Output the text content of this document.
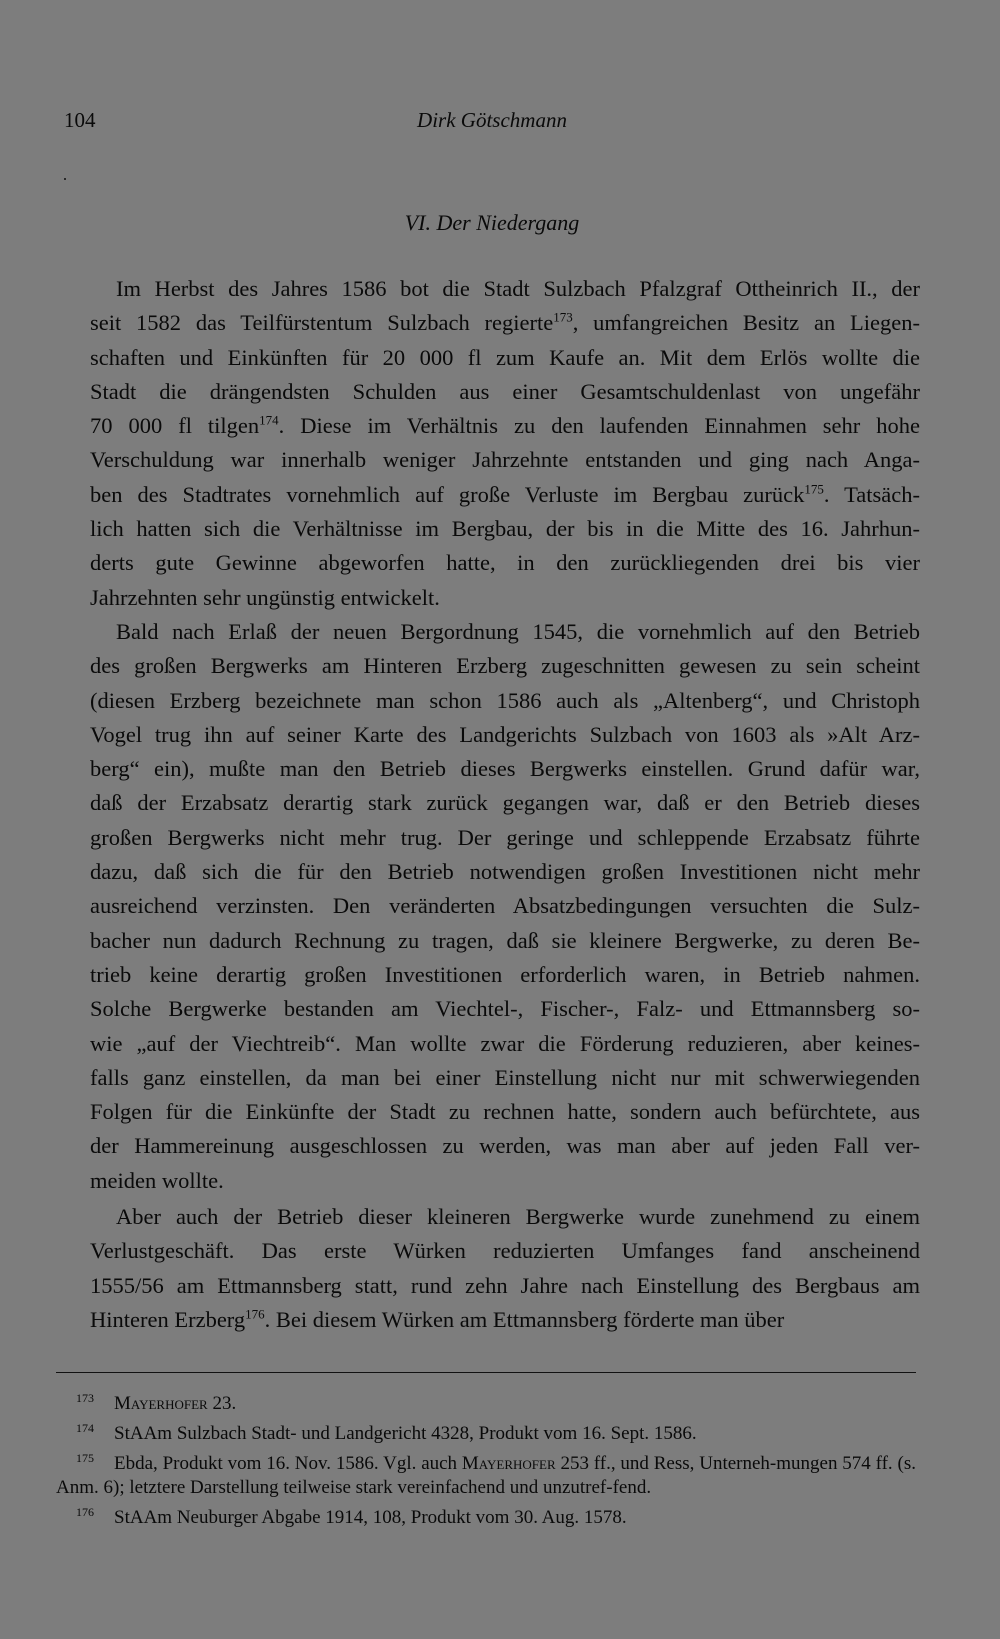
104	Dirk Götschmann
VI. Der Niedergang
Im Herbst des Jahres 1586 bot die Stadt Sulzbach Pfalzgraf Ottheinrich II., der
seit 1582 das Teilfürstentum Sulzbach regierte$^{173}$, umfangreichen Besitz an Liegen-
schaften und Einkünften für 20 000 fl zum Kaufe an. Mit dem Erlös wollte die
Stadt die drängendsten Schulden aus einer Gesamtschuldenlast von ungefähr
70 000 fl tilgen$^{174}$. Diese im Verhältnis zu den laufenden Einnahmen sehr hohe
Verschuldung war innerhalb weniger Jahrzehnte entstanden und ging nach Anga-
ben des Stadtrates vornehmlich auf große Verluste im Bergbau zurück$^{175}$. Tatsäch-
lich hatten sich die Verhältnisse im Bergbau, der bis in die Mitte des 16. Jahrhun-
derts gute Gewinne abgeworfen hatte, in den zurückliegenden drei bis vier
Jahrzehnten sehr ungünstig entwickelt.
Bald nach Erlaß der neuen Bergordnung 1545, die vornehmlich auf den Betrieb
des großen Bergwerks am Hinteren Erzberg zugeschnitten gewesen zu sein scheint
(diesen Erzberg bezeichnete man schon 1586 auch als „Altenberg“, und Christoph
Vogel trug ihn auf seiner Karte des Landgerichts Sulzbach von 1603 als »Alt Arz-
berg“ ein), mußte man den Betrieb dieses Bergwerks einstellen. Grund dafür war,
daß der Erzabsatz derartig stark zurück gegangen war, daß er den Betrieb dieses
großen Bergwerks nicht mehr trug. Der geringe und schleppende Erzabsatz führte
dazu, daß sich die für den Betrieb notwendigen großen Investitionen nicht mehr
ausreichend verzinsten. Den veränderten Absatzbedingungen versuchten die Sulz-
bacher nun dadurch Rechnung zu tragen, daß sie kleinere Bergwerke, zu deren Be-
trieb keine derartig großen Investitionen erforderlich waren, in Betrieb nahmen.
Solche Bergwerke bestanden am Viechtel-, Fischer-, Falz- und Ettmannsberg so-
wie „auf der Viechtreib“. Man wollte zwar die Förderung reduzieren, aber keines-
falls ganz einstellen, da man bei einer Einstellung nicht nur mit schwerwiegenden
Folgen für die Einkünfte der Stadt zu rechnen hatte, sondern auch befürchtete, aus
der Hammereinung ausgeschlossen zu werden, was man aber auf jeden Fall ver-
meiden wollte.
Aber auch der Betrieb dieser kleineren Bergwerke wurde zunehmend zu einem
Verlustgeschäft. Das erste Würken reduzierten Umfanges fand anscheinend
1555/56 am Ettmannsberg statt, rund zehn Jahre nach Einstellung des Bergbaus am
Hinteren Erzberg$^{176}$. Bei diesem Würken am Ettmannsberg förderte man über
173 Mayerhofer 23.
174 StAAm Sulzbach Stadt- und Landgericht 4328, Produkt vom 16. Sept. 1586.
175 Ebda, Produkt vom 16. Nov. 1586. Vgl. auch Mayerhofer 253 ff., und Ress, Unterneh-mungen 574 ff. (s. Anm. 6); letztere Darstellung teilweise stark vereinfachend und unzutref-fend.
176 StAAm Neuburger Abgabe 1914, 108, Produkt vom 30. Aug. 1578.
